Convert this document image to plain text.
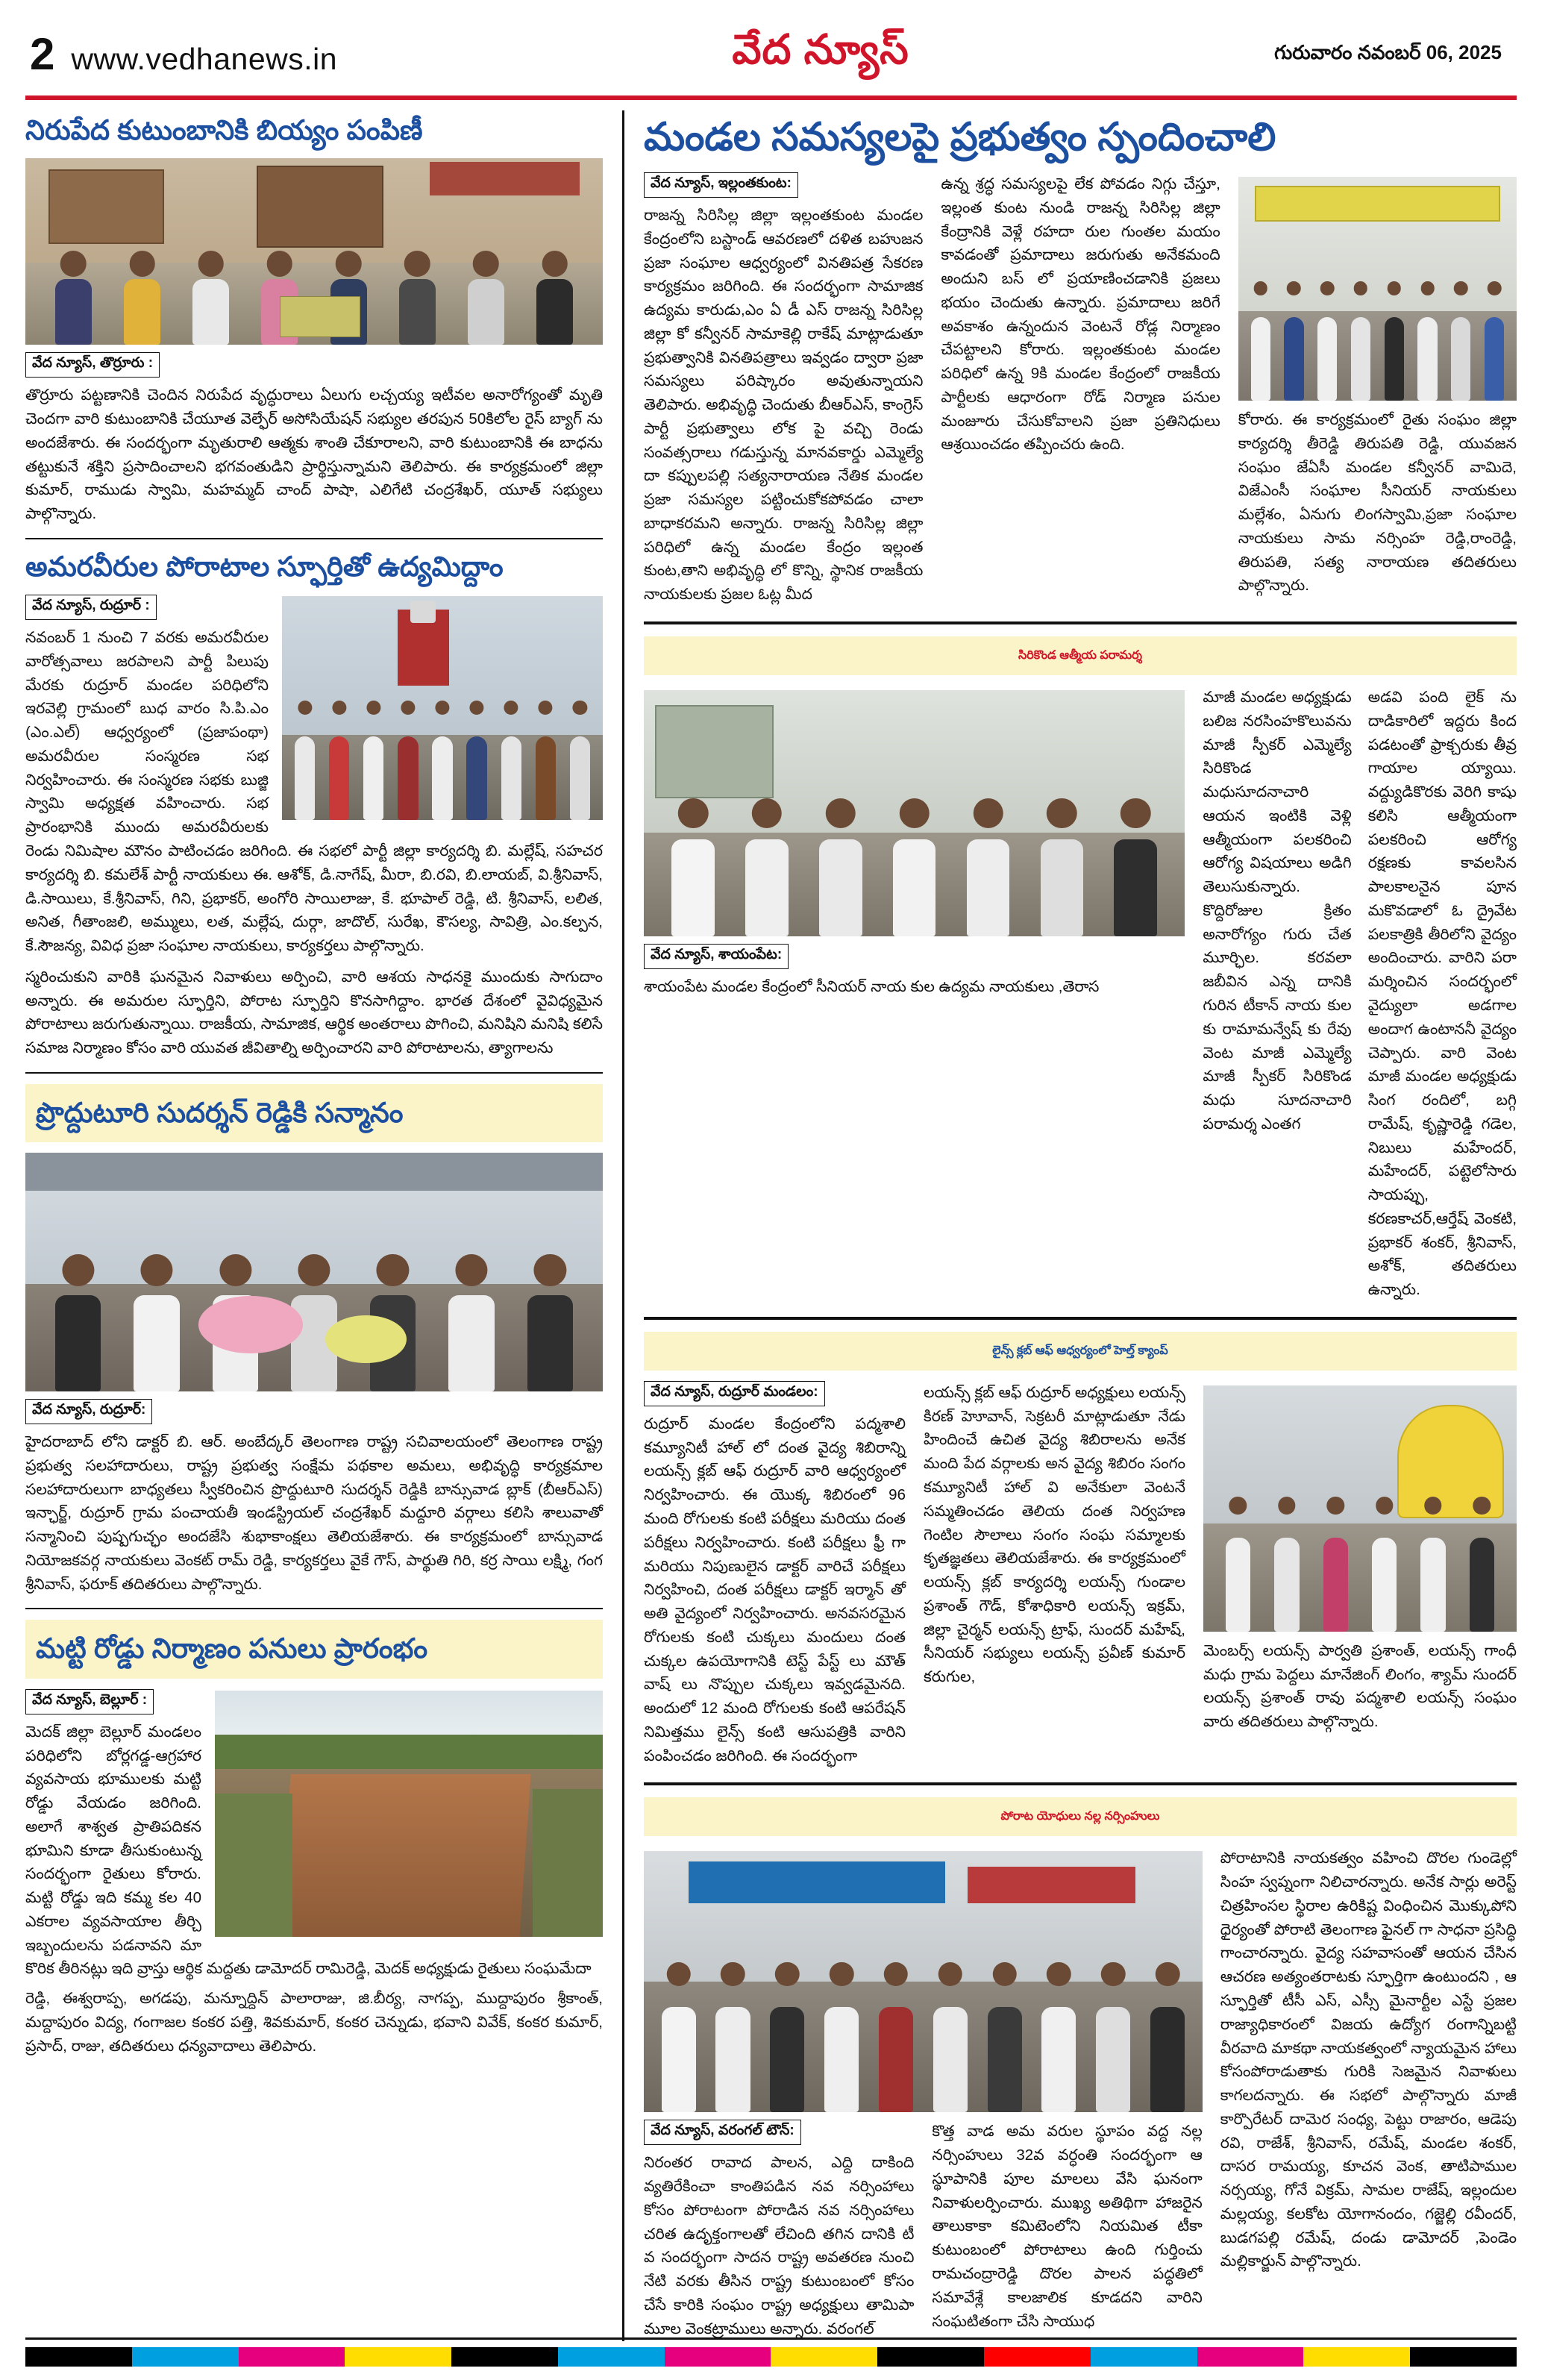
2 www.vedhanews.in	వేద న్యూస్	గురువారం నవంబర్ 06, 2025
నిరుపేద కుటుంబానికి బియ్యం పంపిణీ
వేద న్యూస్, తొర్రూరు :
తొర్రూరు పట్టణానికి చెందిన నిరుపేద వృద్ధురాలు ఏలుగు లచ్చయ్య ఇటీవల అనారోగ్యంతో మృతి చెందగా వారి కుటుంబానికి చేయూత వెల్ఫేర్ అసోసియేషన్ సభ్యుల తరపున 50కిలోల రైస్ బ్యాగ్ ను అందజేశారు. ఈ సందర్భంగా మృతురాలి ఆత్మకు శాంతి చేకూరాలని, వారి కుటుంబానికి ఈ బాధను తట్టుకునే శక్తిని ప్రసాదించాలని భగవంతుడిని ప్రార్థిస్తున్నామని తెలిపారు. ఈ కార్యక్రమంలో జిల్లా కుమార్, రాముడు స్వామి, మహమ్మద్ చాంద్ పాషా, ఎలిగేటి చంద్రశేఖర్, యూత్ సభ్యులు పాల్గొన్నారు.
అమరవీరుల పోరాటాల స్ఫూర్తితో ఉద్యమిద్దాం
వేద న్యూస్, రుద్రూర్ :
నవంబర్ 1 నుంచి 7 వరకు అమరవీరుల వారోత్సవాలు జరపాలని పార్టీ పిలుపు మేరకు రుద్రూర్ మండల పరిధిలోని ఇరవెల్లి గ్రామంలో బుధ వారం సి.పి.ఎం (ఎం.ఎల్) ఆధ్వర్యంలో (ప్రజాపంథా) అమరవీరుల సంస్మరణ సభ నిర్వహించారు. ఈ సంస్మరణ సభకు బుజ్జి స్వామి అధ్యక్షత వహించారు. సభ ప్రారంభానికి ముందు అమరవీరులకు రెండు నిమిషాల మౌనం పాటించడం జరిగింది. ఈ సభలో పార్టీ జిల్లా కార్యదర్శి బి. మల్లేష్, సహచర కార్యదర్శి బి. కమలేశ్ పార్టీ నాయకులు ఈ. ఆశోక్, డి.నాగేష్, మీరా, బి.రవి, బి.లాయబ్, వి.శ్రీనివాస్, డి.సాయిలు, కే.శ్రీనివాస్, గిని, ప్రభాకర్, అంగోరి సాయిలాజు, కే. భూపాల్ రెడ్డి, టి. శ్రీనివాస్, లలిత, అనిత, గీతాంజలి, అమ్ములు, లత, మల్లేష, దుర్గా, జాదొల్, సురేఖ, కౌసల్య, సావిత్రి, ఎం.కల్పన, కే.సౌజన్య, వివిధ ప్రజా సంఘాల నాయకులు, కార్యకర్తలు పాల్గొన్నారు.
స్మరించుకుని వారికి ఘనమైన నివాళులు అర్పించి, వారి ఆశయ సాధనకై ముందుకు సాగుదాం అన్నారు. ఈ అమరుల స్ఫూర్తిని, పోరాట స్ఫూర్తిని కొనసాగిద్దాం. భారత దేశంలో వైవిధ్యమైన పోరాటాలు జరుగుతున్నాయి. రాజకీయ, సామాజిక, ఆర్థిక అంతరాలు పొగించి, మనిషిని మనిషి కలిసే సమాజ నిర్మాణం కోసం వారి యువత జీవితాల్ని అర్పించారని వారి పోరాటాలను, త్యాగాలను
ప్రొద్దుటూరి సుదర్శన్ రెడ్డికి సన్మానం
వేద న్యూస్, రుద్రూర్:
హైదరాబాద్ లోని డాక్టర్ బి. ఆర్. అంబేద్కర్ తెలంగాణ రాష్ట్ర సచివాలయంలో తెలంగాణ రాష్ట్ర ప్రభుత్వ సలహాదారులు, రాష్ట్ర ప్రభుత్వ సంక్షేమ పథకాల అమలు, అభివృద్ధి కార్యక్రమాల సలహాదారులుగా బాధ్యతలు స్వీకరించిన ప్రొద్దుటూరి సుదర్శన్ రెడ్డికి బాన్సువాడ బ్లాక్ (బీఆర్ఎస్) ఇన్ఛార్జ్, రుద్రూర్ గ్రామ పంచాయతీ ఇండస్ట్రియల్ చంద్రశేఖర్ మద్దూరి వర్గాలు కలిసి శాలువాతో సన్మానించి పుష్పగుచ్ఛం అందజేసి శుభాకాంక్షలు తెలియజేశారు. ఈ కార్యక్రమంలో బాన్సువాడ నియోజకవర్గ నాయకులు వెంకట్ రామ్ రెడ్డి, కార్యకర్తలు వైకే గౌస్, పార్థుతి గిరి, కర్ర సాయి లక్ష్మి, గంగ శ్రీనివాస్, ఫరూక్ తదితరులు పాల్గొన్నారు.
మట్టి రోడ్డు నిర్మాణం పనులు ప్రారంభం
వేద న్యూస్, బెల్లూర్ :
మెదక్ జిల్లా బెల్లూర్ మండలం పరిధిలోని బోర్లగడ్డ-ఆగ్రహార వ్యవసాయ భూములకు మట్టి రోడ్డు వేయడం జరిగింది. అలాగే శాశ్వత ప్రాతిపదికన భూమిని కూడా తీసుకుంటున్న సందర్భంగా రైతులు కోరారు. మట్టి రోడ్డు ఇది కమ్మ కల 40 ఎకరాల వ్యవసాయాల తీర్చి ఇబ్బందులను పడనావని మా కొరిక తీరినట్లు ఇది వ్రాస్తు ఆర్థిక మద్దతు డామోదర్ రామిరెడ్డి, మెదక్ అధ్యక్షుడు రైతులు సంఘమేదా
రెడ్డి, ఈశ్వరాప్ప, అగడపు, మన్నూద్దిన్ పాలారాజు, జి.బీర్య, నాగప్ప, ముద్దాపురం శ్రీకాంత్, మద్దాపురం విద్య, గంగాజల కంకర పత్తి, శివకుమార్, కంకర చెన్నుడు, భవాని వివేక్, కంకర కుమార్, ప్రసాద్, రాజు, తదితరులు ధన్యవాదాలు తెలిపారు.
మండల సమస్యలపై ప్రభుత్వం స్పందించాలి
వేద న్యూస్, ఇల్లంతకుంట:
రాజన్న సిరిసిల్ల జిల్లా ఇల్లంతకుంట మండల కేంద్రంలోని బస్టాండ్ ఆవరణలో దళిత బహుజన ప్రజా సంఘాల ఆధ్వర్యంలో వినతిపత్ర సేకరణ కార్యక్రమం జరిగింది. ఈ సందర్భంగా సామాజిక ఉద్యమ కారుడు,ఎం ఏ డీ ఎస్ రాజన్న సిరిసిల్ల జిల్లా కో కన్వీనర్ సామాకెల్లి రాకేష్ మాట్లాడుతూ ప్రభుత్వానికి వినతిపత్రాలు ఇవ్వడం ద్వారా ప్రజా సమస్యలు పరిష్కారం అవుతున్నాయని తెలిపారు. అభివృద్ధి చెందుతు బీఆర్ఎస్, కాంగ్రెస్ పార్టీ ప్రభుత్వాలు లోక పై వచ్చి రెండు సంవత్సరాలు గడుస్తున్న మానవకార్డు ఎమ్మెల్యే దా కప్పులపల్లి సత్యనారాయణ నేతిక మండల ప్రజా సమస్యల పట్టించుకోకపోవడం చాలా బాధాకరమని అన్నారు. రాజన్న సిరిసిల్ల జిల్లా పరిధిలో ఉన్న మండల కేంద్రం ఇల్లంత కుంట,తాని అభివృద్ధి లో కొన్ని, స్థానిక రాజకీయ నాయకులకు ప్రజల ఓట్ల మీద
ఉన్న శ్రద్ధ సమస్యలపై లేక పోవడం నిగ్గు చేస్తూ, ఇల్లంత కుంట నుండి రాజన్న సిరిసిల్ల జిల్లా కేంద్రానికి వెళ్లే రహదా రుల గుంతల మయం కావడంతో ప్రమాదాలు జరుగుతు అనేకమంది అందుని బస్ లో ప్రయాణించడానికి ప్రజలు భయం చెందుతు ఉన్నారు. ప్రమాదాలు జరిగే అవకాశం ఉన్నందున వెంటనే రోడ్ల నిర్మాణం చేపట్టాలని కోరారు. ఇల్లంతకుంట మండల పరిధిలో ఉన్న 9కి మండల కేంద్రంలో రాజకీయ పార్టీలకు ఆధారంగా రోడ్ నిర్మాణ పనుల మంజూరు చేసుకోవాలని ప్రజా ప్రతినిధులు ఆశ్రయించడం తప్పించరు ఉంది.
కోరారు. ఈ కార్యక్రమంలో రైతు సంఘం జిల్లా కార్యదర్శి తీరెడ్డి తిరుపతి రెడ్డి, యువజన సంఘం జేఏసీ మండల కన్వీనర్ వామిదె, విజేఎంసీ సంఘాల సీనియర్ నాయకులు మల్లేశం, ఏనుగు లింగస్వామి,ప్రజా సంఘాల నాయకులు సామ నర్సింహ రెడ్డి,రాంరెడ్డి, తిరుపతి, సత్య నారాయణ తదితరులు పాల్గొన్నారు.
సిరికొండ ఆత్మీయ పరామర్శ
వేద న్యూస్, శాయంపేట:
శాయంపేట మండల కేంద్రంలో సీనియర్ నాయ కుల ఉద్యమ నాయకులు ,తెరాస
మాజీ మండల అధ్యక్షుడు బలిజ నరసింహకొలువను మాజీ స్పీకర్ ఎమ్మెల్యే సిరికొండ మధుసూదనాచారి ఆయన ఇంటికి వెళ్లి ఆత్మీయంగా పలకరించి ఆరోగ్య విషయాలు అడిగి తెలుసుకున్నారు. కొద్దిరోజుల క్రితం అనారోగ్యం గురు చేత మూర్ఛిల. కరవలా జబీవిన ఎన్న దానికి గురిన టీకాన్ నాయ కుల కు రామామన్వేష్ కు రేవు వెంట మాజీ ఎమ్మెల్యే మాజీ స్పీకర్ సిరికొండ మధు సూదనాచారి పరామర్శ ఎంతగ
అడవి పంది లైక్ ను దాడికారిలో ఇద్దరు కింద పడటంతో ఫ్రాక్చరుకు తీవ్ర గాయాల య్యాయి. వద్ద్యుడికొరకు వెరిగి కాషు కలిసి ఆత్మీయంగా పలకరించి ఆరోగ్య రక్షణకు కావలసిన పాలకాలనైన పూన మకొవడాలో ఓ ద్రైవేట పలకాత్రికి తీరిలోని వైద్యం అందించారు. వారిని పరా మర్శించిన సందర్భంలో వైద్యులా అడగాల అందాగ ఉంటాననీ వైద్యం చెప్పారు. వారి వెంట మాజీ మండల అధ్యక్షుడు సింగ రందిలో, బగ్గి రామేష్, కృష్ణారెడ్డి గడెల, నిబులు మహేందర్, మహేందర్, పట్టెలోసారు సాయప్పు, కరణకాచర్,ఆర్తేష్ వెంకటి, ప్రభాకర్ శంకర్, శ్రీనివాస్, అశోక్, తదితరులు ఉన్నారు.
లైన్స్ క్లబ్ ఆఫ్ ఆధ్వర్యంలో హెల్త్ క్యాంప్
వేద న్యూస్, రుద్రూర్ మండలం:
రుద్రూర్ మండల కేంద్రంలోని పద్మశాలి కమ్యూనిటీ హాల్ లో దంత వైద్య శిబిరాన్ని లయన్స్ క్లబ్ ఆఫ్ రుద్రూర్ వారి ఆధ్వర్యంలో నిర్వహించారు. ఈ యొక్క శిబిరంలో 96 మంది రోగులకు కంటి పరీక్షలు మరియు దంత పరీక్షలు నిర్వహించారు. కంటి పరీక్షలు ఫ్రీ గా మరియు నిపుణులైన డాక్టర్ వారిచే పరీక్షలు నిర్వహించి, దంత పరీక్షలు డాక్టర్ ఇర్మాన్ తో అతి వైద్యంలో నిర్వహించారు. అనవసరమైన రోగులకు కంటి చుక్కలు మందులు దంత చుక్కల ఉపయోగానికి టెస్ట్ పేస్ట్ లు మౌత్ వాష్ లు నొప్పుల చుక్కలు ఇవ్వడమైనది. అందులో 12 మంది రోగులకు కంటి ఆపరేషన్ నిమిత్తము లైన్స్ కంటి ఆసుపత్రికి వారిని పంపించడం జరిగింది. ఈ సందర్భంగా
లయన్స్ క్లబ్ ఆఫ్ రుద్రూర్ అధ్యక్షులు లయన్స్ కిరణ్ హెూవాన్, సెక్రటరీ మాట్లాడుతూ నేడు హిందించే ఉచిత వైద్య శిబిరాలను అనేక మంది పేద వర్గాలకు అన వైద్య శిబిరం సంగం కమ్యూనిటీ హాల్ వి అనేకులా వెంటనే సమ్మతించడం తెలియ దంత నిర్వహణ గెంటిల సౌలాలు సంగం సంఘ సమ్మాలకు కృతజ్ఞతలు తెలియజేశారు. ఈ కార్యక్రమంలో లయన్స్ క్లబ్ కార్యదర్శి లయన్స్ గుండాల ప్రశాంత్ గౌడ్, కోశాధికారి లయన్స్ ఇక్రమ్, జిల్లా చైర్మన్ లయన్స్ ట్రాఫ్, సుందర్ మహేష్, సీనియర్ సభ్యులు లయన్స్ ప్రవీణ్ కుమార్ కరుగుల,
మెంబర్స్ లయన్స్ పార్వతి ప్రశాంత్, లయన్స్ గాంధీ మధు గ్రామ పెద్దలు మానేజింగ్ లింగం, శ్యామ్ సుందర్ లయన్స్ ప్రశాంత్ రావు పద్మశాలి లయన్స్ సంఘం వారు తదితరులు పాల్గొన్నారు.
పోరాట యోధులు నల్ల నర్సింహులు
వేద న్యూస్, వరంగల్ టౌన్:
నిరంతర రావాద పాలన, ఎద్ది దాకింది వ్యతిరేకించా కాంతిపడిన నవ నర్సింహాలు కోసం పోరాటంగా పోరాడిన నవ నర్సింహాలు చరిత ఉదృక్తంగాలతో లేచింది తగిన దానికి టీ వ సందర్భంగా సాదన రాష్ట్ర అవతరణ నుంచి నేటి వరకు తీసిన రాష్ట్ర కుటుంబంలో కోసం చేసే కారికి సంఘం రాష్ట్ర అధ్యక్షులు తామిపా మూల వెంకట్రాములు అన్నారు. వరంగల్
కొత్త వాడ అమ వరుల స్థూపం వద్ద నల్ల నర్సింహులు 32వ వర్ధంతి సందర్భంగా ఆ స్థూపానికి పూల మాలలు వేసి ఘనంగా నివాళులర్పించారు. ముఖ్య అతిథిగా హాజరైన తాలుకాకా కమిటెంలోని నియమిత టీకా కుటుంబంలో పోరాటాలు ఉంది గుర్తించు రామచంద్రారెడ్డి దొరల పాలన పద్ధతిలో సమావేశ్లే కాలజాలిక కూడదని వారిని సంఘటితంగా చేసి సాయుధ
పోరాటానికి నాయకత్వం వహించి దొరల గుండెల్లో సింహ స్వప్నంగా నిలిచారన్నారు. అనేక సార్లు అరెస్ట్ చిత్రహింసల స్థిరాల ఉరికిష్ట వింధించిన మొక్కుపోని ధైర్యంతో పోరాటి తెలంగాణ ఫైనల్ గా సాధనా ప్రసిద్ధి గాంచారన్నారు. వైద్య సహవాసంతో ఆయన చేసిన ఆచరణ అత్యంతరాటకు స్ఫూర్తిగా ఉంటుందని , ఆ స్ఫూర్తితో టీసీ ఎస్, ఎస్సీ మైనార్టీల ఎస్టే ప్రజల రాజ్యాధికారంలో విజయ ఉద్యోగ రంగాన్నిబట్టి వీరవాది మాకథా నాయకత్వంలో న్యాయమైన హాలు కోసంపోరాడుతాకు గురికి సెజమైన నివాళులు కాగలదన్నారు. ఈ సభలో పాల్గొన్నారు మాజీ కార్పొరేటర్ దామెర సంధ్య, పెట్టు రాజారం, ఆడెపు రవి, రాజేశ్, శ్రీనివాస్, రమేష్, మండల శంకర్, దాసర రామయ్య, కూచన వెంక, తాటిపాముల నర్సయ్య, గోనే విక్రమ్, సామల రాజేష్, ఇల్లందుల మల్లయ్య, కలకోట యోగానందం, గజ్జెల్లి రవీందర్, బుడగపల్లి రమేష్, దండు డామోదర్ ,పెండెం మల్లికార్జున్ పాల్గొన్నారు.
